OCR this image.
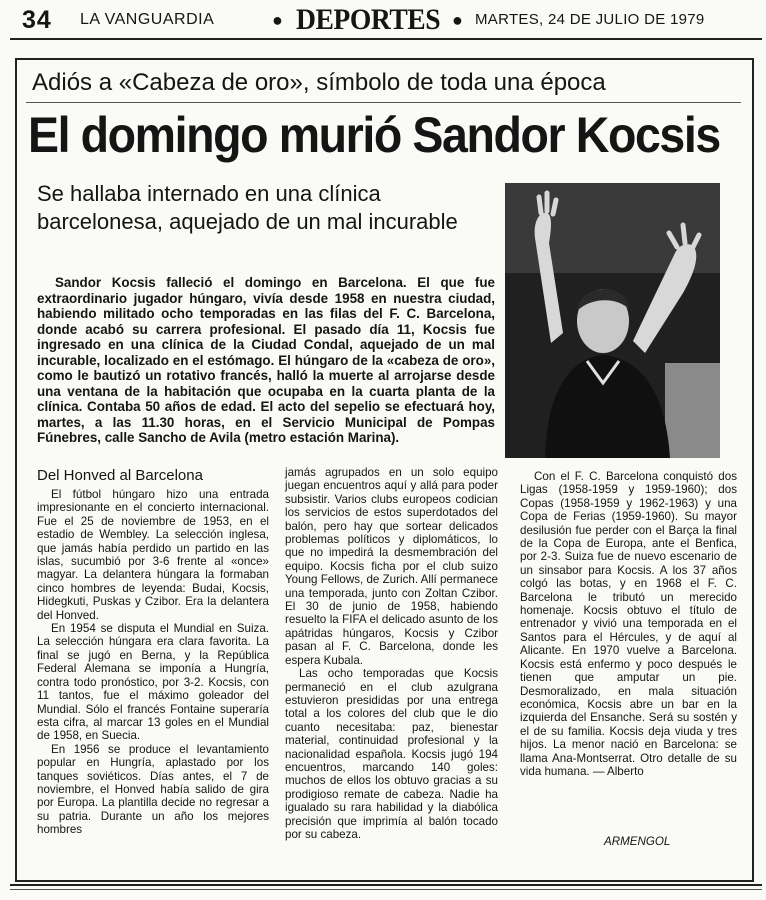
34 LA VANGUARDIA	● DEPORTES ● MARTES, 24 DE JULIO DE 1979
Adiós a «Cabeza de oro», símbolo de toda una época
El domingo murió Sandor Kocsis
Se hallaba internado en una clínica barcelonesa, aquejado de un mal incurable

Sandor Kocsis falleció el domingo en Barcelona. El que fue extraordinario jugador húngaro, vivía desde 1958 en nuestra ciudad, habiendo militado ocho temporadas en las filas del F. C. Barcelona, donde acabó su carrera profesional. El pasado día 11, Kocsis fue ingresado en una clínica de la Ciudad Condal, aquejado de un mal incurable, localizado en el estómago. El húngaro de la «cabeza de oro», como le bautizó un rotativo francés, halló la muerte al arrojarse desde una ventana de la habitación que ocupaba en la cuarta planta de la clínica. Contaba 50 años de edad. El acto del sepelio se efectuará hoy, martes, a las 11.30 horas, en el Servicio Municipal de Pompas Fúnebres, calle Sancho de Avila (metro estación Marina).

Del Honved al Barcelona

El fútbol húngaro hizo una entrada impresionante en el concierto internacional. Fue el 25 de noviembre de 1953, en el estadio de Wembley. La selección inglesa, que jamás había perdido un partido en las islas, sucumbió por 3-6 frente al «once» magyar. La delantera húngara la formaban cinco hombres de leyenda: Budai, Kocsis, Hidegkuti, Puskas y Czibor. Era la delantera del Honved.

En 1954 se disputa el Mundial en Suiza. La selección húngara era clara favorita. La final se jugó en Berna, y la República Federal Alemana se imponía a Hungría, contra todo pronóstico, por 3-2. Kocsis, con 11 tantos, fue el máximo goleador del Mundial. Sólo el francés Fontaine superaría esta cifra, al marcar 13 goles en el Mundial de 1958, en Suecia.

En 1956 se produce el levantamiento popular en Hungría, aplastado por los tanques soviéticos. Días antes, el 7 de noviembre, el Honved había salido de gira por Europa. La plantilla decide no regresar a su patria. Durante un año los mejores hombres

jamás agrupados en un solo equipo juegan encuentros aquí y allá para poder subsistir. Varios clubs europeos codician los servicios de estos superdotados del balón, pero hay que sortear delicados problemas políticos y diplomáticos, lo que no impedirá la desmembración del equipo. Kocsis ficha por el club suizo Young Fellows, de Zurich. Allí permanece una temporada, junto con Zoltan Czibor. El 30 de junio de 1958, habiendo resuelto la FIFA el delicado asunto de los apátridas húngaros, Kocsis y Czibor pasan al F. C. Barcelona, donde les espera Kubala.

Las ocho temporadas que Kocsis permaneció en el club azulgrana estuvieron presididas por una entrega total a los colores del club que le dio cuanto necesitaba: paz, bienestar material, continuidad profesional y la nacionalidad española. Kocsis jugó 194 encuentros, marcando 140 goles: muchos de ellos los obtuvo gracias a su prodigioso remate de cabeza. Nadie ha igualado su rara habilidad y la diabólica precisión que imprimía al balón tocado por su cabeza.

Con el F. C. Barcelona conquistó dos Ligas (1958-1959 y 1959-1960); dos Copas (1958-1959 y 1962-1963) y una Copa de Ferias (1959-1960). Su mayor desilusión fue perder con el Barça la final de la Copa de Europa, ante el Benfica, por 2-3. Suiza fue de nuevo escenario de un sinsabor para Kocsis. A los 37 años colgó las botas, y en 1968 el F. C. Barcelona le tributó un merecido homenaje. Kocsis obtuvo el título de entrenador y vivió una temporada en el Santos para el Hércules, y de aquí al Alicante. En 1970 vuelve a Barcelona. Kocsis está enfermo y poco después le tienen que amputar un pie. Desmoralizado, en mala situación económica, Kocsis abre un bar en la izquierda del Ensanche. Será su sostén y el de su familia. Kocsis deja viuda y tres hijos. La menor nació en Barcelona: se llama Ana-Montserrat. Otro detalle de su vida humana. — Alberto

ARMENGOL
